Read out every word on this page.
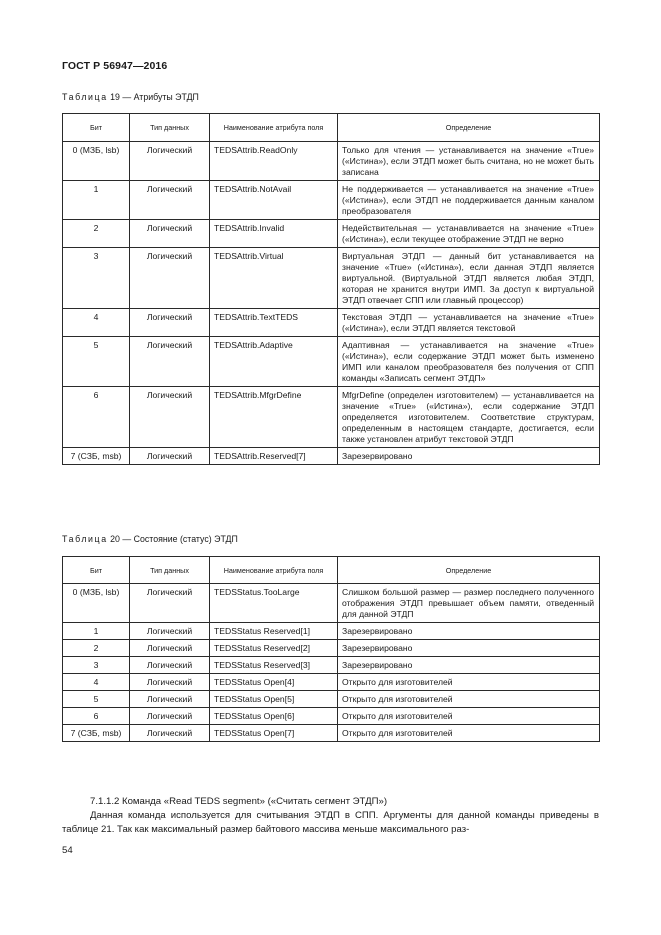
ГОСТ Р 56947—2016
Таблица 19 — Атрибуты ЭТДП
Бит	Тип данных	Наименование атрибута поля	Определение
0 (МЗБ, lsb)	Логический	TEDSAttrib.ReadOnly	Только для чтения — устанавливается на значение «True» («Истина»), если ЭТДП может быть считана, но не может быть записана
1	Логический	TEDSAttrib.NotAvail	Не поддерживается — устанавливается на значение «True» («Истина»), если ЭТДП не поддерживается данным каналом преобразователя
2	Логический	TEDSAttrib.Invalid	Недействительная — устанавливается на значение «True» («Истина»), если текущее отображение ЭТДП не верно
3	Логический	TEDSAttrib.Virtual	Виртуальная ЭТДП — данный бит устанавливается на значение «True» («Истина»), если данная ЭТДП является виртуальной. (Виртуальной ЭТДП является любая ЭТДП, которая не хранится внутри ИМП. За доступ к виртуальной ЭТДП отвечает СПП или главный процессор)
4	Логический	TEDSAttrib.TextTEDS	Текстовая ЭТДП — устанавливается на значение «True» («Истина»), если ЭТДП является текстовой
5	Логический	TEDSAttrib.Adaptive	Адаптивная — устанавливается на значение «True» («Истина»), если содержание ЭТДП может быть изменено ИМП или каналом преобразователя без получения от СПП команды «Записать сегмент ЭТДП»
6	Логический	TEDSAttrib.MfgrDefine	MfgrDefine (определен изготовителем) — устанавливается на значение «True» («Истина»), если содержание ЭТДП определяется изготовителем. Соответствие структурам, определенным в настоящем стандарте, достигается, если также установлен атрибут текстовой ЭТДП
7 (СЗБ, msb)	Логический	TEDSAttrib.Reserved[7]	Зарезервировано
Таблица 20 — Состояние (статус) ЭТДП
Бит	Тип данных	Наименование атрибута поля	Определение
0 (МЗБ, lsb)	Логический	TEDSStatus.TooLarge	Слишком большой размер — размер последнего полученного отображения ЭТДП превышает объем памяти, отведенный для данной ЭТДП
1	Логический	TEDSStatus Reserved[1]	Зарезервировано
2	Логический	TEDSStatus Reserved[2]	Зарезервировано
3	Логический	TEDSStatus Reserved[3]	Зарезервировано
4	Логический	TEDSStatus Open[4]	Открыто для изготовителей
5	Логический	TEDSStatus Open[5]	Открыто для изготовителей
6	Логический	TEDSStatus Open[6]	Открыто для изготовителей
7 (СЗБ, msb)	Логический	TEDSStatus Open[7]	Открыто для изготовителей
7.1.1.2 Команда «Read TEDS segment» («Считать сегмент ЭТДП»)
Данная команда используется для считывания ЭТДП в СПП. Аргументы для данной команды приведены в таблице 21. Так как максимальный размер байтового массива меньше максимального раз-
54
